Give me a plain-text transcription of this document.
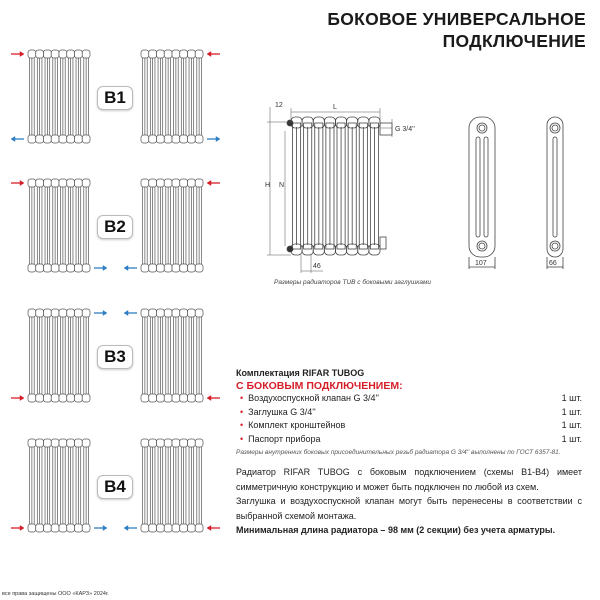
БОКОВОЕ УНИВЕРСАЛЬНОЕ
ПОДКЛЮЧЕНИЕ
B1
B2
B3
B4
12	L
H N
46
G 3/4''
107	66
Размеры радиаторов TUB с боковыми заглушками
Комплектация RIFAR TUBOG
С БОКОВЫМ ПОДКЛЮЧЕНИЕМ:
• Воздухоспускной клапан G 3/4''	1 шт.
• Заглушка G 3/4''	1 шт.
• Комплект кронштейнов	1 шт.
• Паспорт прибора	1 шт.
Размеры внутренних боковых присоединительных резьб радиатора G 3/4'' выполнены по ГОСТ 6357-81.
Радиатор RIFAR TUBOG с боковым подключением (схемы В1-В4) имеет симметричную конструкцию и может быть подключен по любой из схем.
Заглушка и воздухоспускной клапан могут быть перенесены в соответствии с выбранной схемой монтажа.
Минимальная длина радиатора – 98 мм (2 секции) без учета арматуры.
все права защищены ООО «КАРЗ» 2024г.
